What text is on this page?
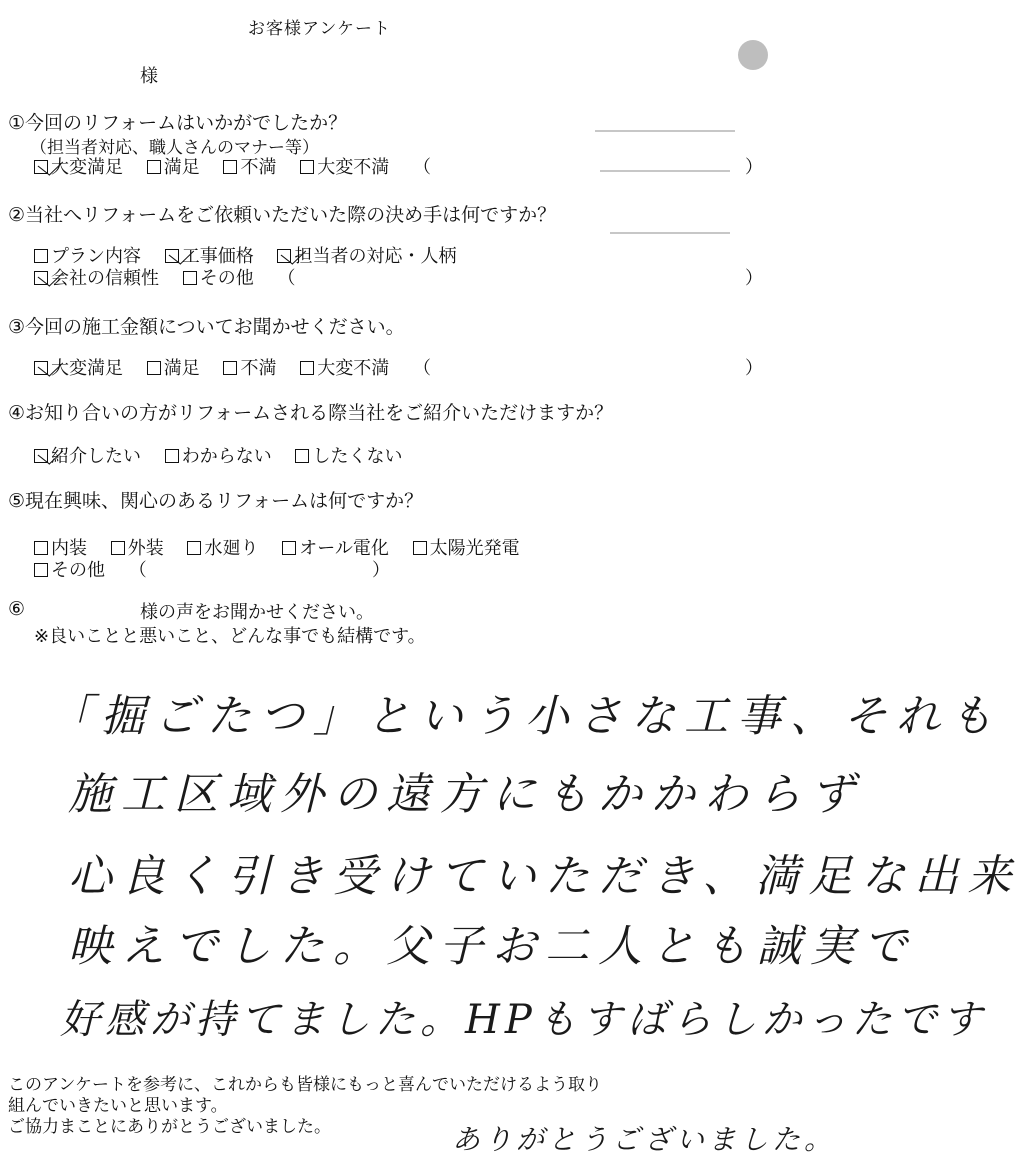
お客様アンケート
様
①今回のリフォームはいかがでしたか？
（担当者対応、職人さんのマナー等）
大変満足 満足 不満 大変不満 （	）
②当社へリフォームをご依頼いただいた際の決め手は何ですか？
プラン内容 工事価格 担当者の対応・人柄
会社の信頼性 その他 （	）
③今回の施工金額についてお聞かせください。
大変満足 満足 不満 大変不満 （	）
④お知り合いの方がリフォームされる際当社をご紹介いただけますか？
紹介したい わからない したくない
⑤現在興味、関心のあるリフォームは何ですか？
内装 外装 水廻り オール電化 太陽光発電
その他 （	）
⑥	様の声をお聞かせください。
※良いことと悪いこと、どんな事でも結構です。
「掘ごたつ」という小さな工事、それも
施工区域外の遠方にもかかわらず
心良く引き受けていただき、満足な出来
映えでした。父子お二人とも誠実で
好感が持てました。HPもすばらしかったです
このアンケートを参考に、これからも皆様にもっと喜んでいただけるよう取り
組んでいきたいと思います。
ご協力まことにありがとうございました。	ありがとうございました。
